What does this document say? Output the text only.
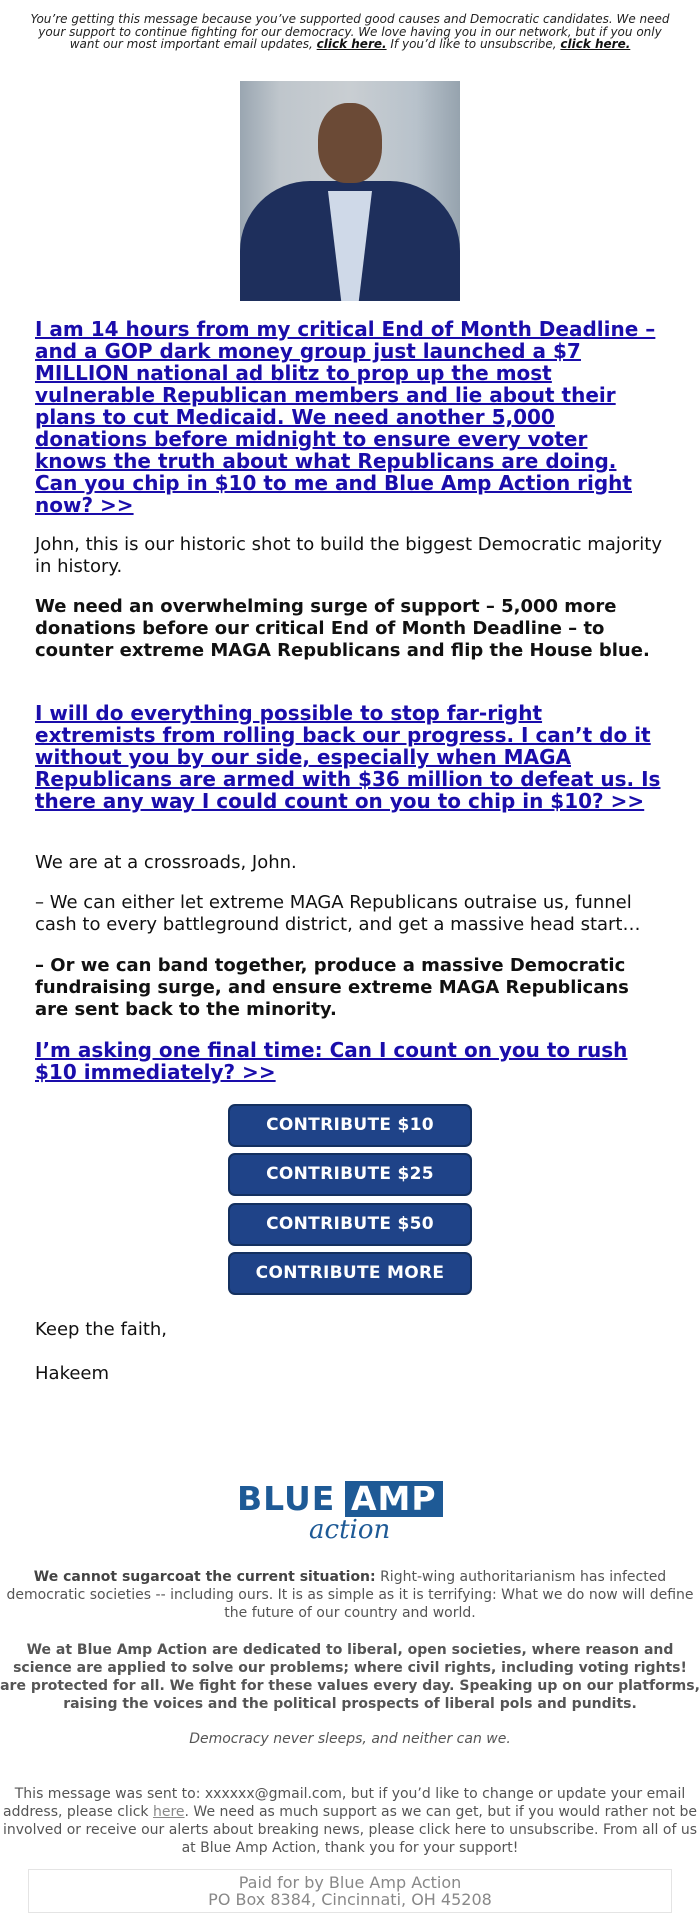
You’re getting this message because you’ve supported good causes and Democratic candidates. We need your support to continue fighting for our democracy. We love having you in our network, but if you only want our most important email updates, click here. If you’d like to unsubscribe, click here.
I am 14 hours from my critical End of Month Deadline – and a GOP dark money group just launched a $7 MILLION national ad blitz to prop up the most vulnerable Republican members and lie about their plans to cut Medicaid. We need another 5,000 donations before midnight to ensure every voter knows the truth about what Republicans are doing. Can you chip in $10 to me and Blue Amp Action right now? >>

John, this is our historic shot to build the biggest Democratic majority in history.

We need an overwhelming surge of support – 5,000 more donations before our critical End of Month Deadline – to counter extreme MAGA Republicans and flip the House blue.

I will do everything possible to stop far-right extremists from rolling back our progress. I can’t do it without you by our side, especially when MAGA Republicans are armed with $36 million to defeat us. Is there any way I could count on you to chip in $10? >>

We are at a crossroads, John.

– We can either let extreme MAGA Republicans outraise us, funnel cash to every battleground district, and get a massive head start…

– Or we can band together, produce a massive Democratic fundraising surge, and ensure extreme MAGA Republicans are sent back to the minority.

I’m asking one final time: Can I count on you to rush $10 immediately? >>
CONTRIBUTE $10
CONTRIBUTE $25
CONTRIBUTE $50
CONTRIBUTE MORE
Keep the faith,
Hakeem
BLUE AMP
action
We cannot sugarcoat the current situation: Right-wing authoritarianism has infected democratic societies -- including ours. It is as simple as it is terrifying: What we do now will define the future of our country and world.
We at Blue Amp Action are dedicated to liberal, open societies, where reason and science are applied to solve our problems; where civil rights, including voting rights! are protected for all. We fight for these values every day. Speaking up on our platforms, raising the voices and the political prospects of liberal pols and pundits.
Democracy never sleeps, and neither can we.
This message was sent to: xxxxxx@gmail.com, but if you’d like to change or update your email address, please click here. We need as much support as we can get, but if you would rather not be involved or receive our alerts about breaking news, please click here to unsubscribe. From all of us at Blue Amp Action, thank you for your support!
Paid for by Blue Amp Action
PO Box 8384, Cincinnati, OH 45208
